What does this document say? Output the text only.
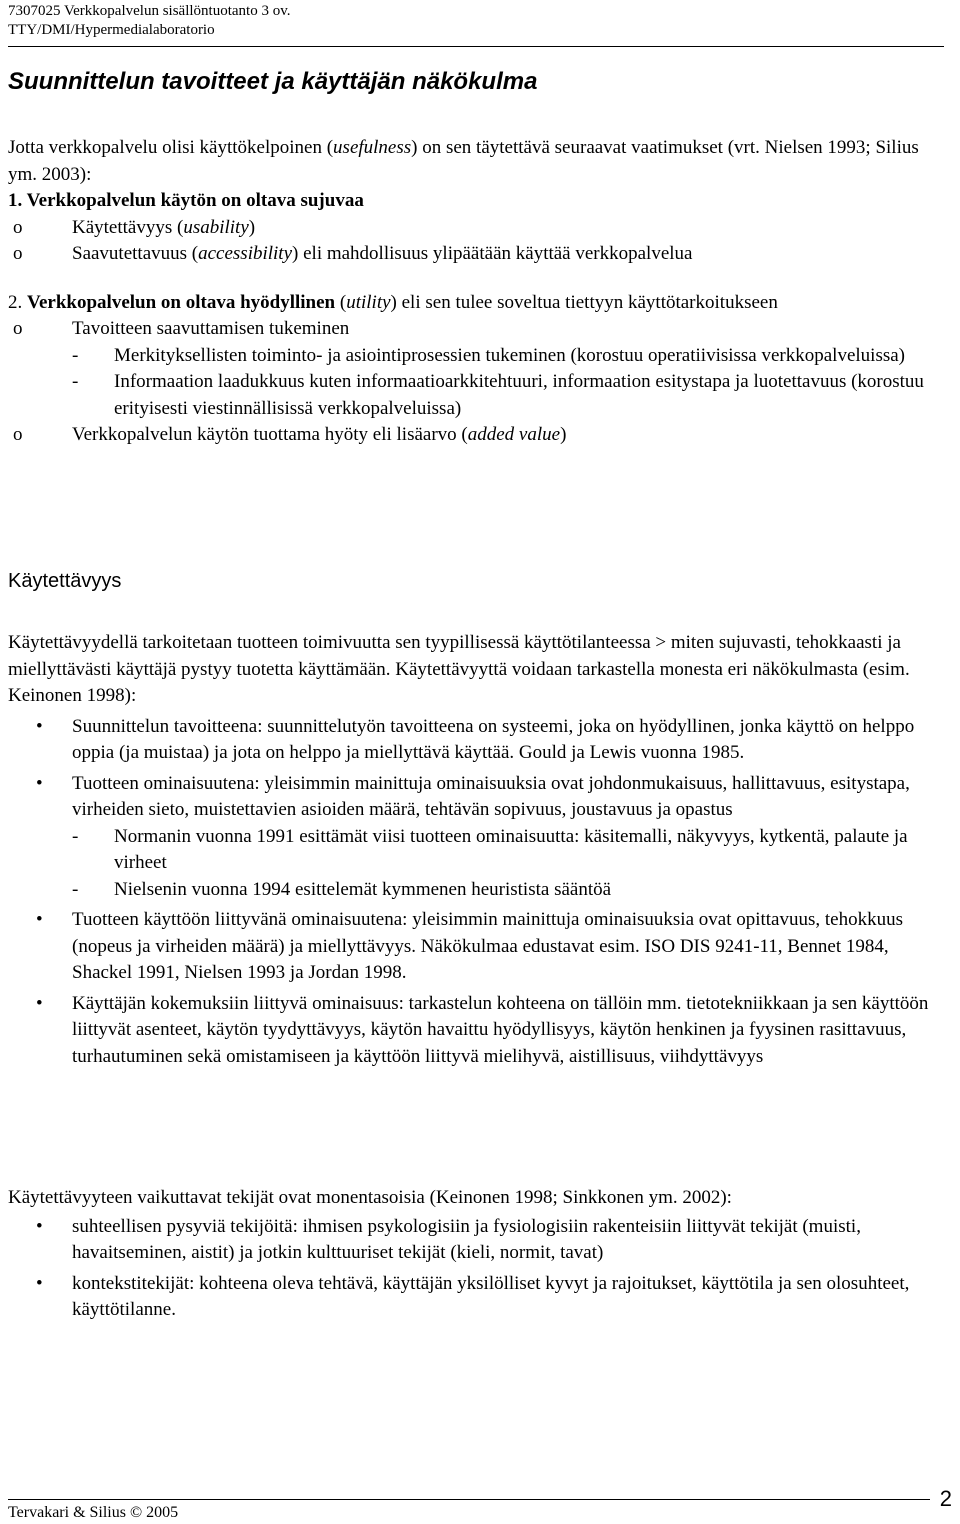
7307025 Verkkopalvelun sisällöntuotanto 3 ov.
TTY/DMI/Hypermedialaboratorio
Suunnittelun tavoitteet ja käyttäjän näkökulma

Jotta verkkopalvelu olisi käyttökelpoinen (usefulness) on sen täytettävä seuraavat vaatimukset (vrt. Nielsen 1993; Silius ym. 2003):

1. Verkkopalvelun käytön on oltava sujuvaa

o	Käytettävyys (usability)
o	Saavutettavuus (accessibility) eli mahdollisuus ylipäätään käyttää verkkopalvelua

2. Verkkopalvelun on oltava hyödyllinen (utility) eli sen tulee soveltua tiettyyn käyttötarkoitukseen

o	Tavoitteen saavuttamisen tukeminen
- Merkityksellisten toiminto- ja asiointiprosessien tukeminen (korostuu operatiivisissa verkkopalveluissa)
- Informaation laadukkuus kuten informaatioarkkitehtuuri, informaation esitystapa ja luotettavuus (korostuu erityisesti viestinnällisissä verkkopalveluissa)
o	Verkkopalvelun käytön tuottama hyöty eli lisäarvo (added value)
Käytettävyys

Käytettävyydellä tarkoitetaan tuotteen toimivuutta sen tyypillisessä käyttötilanteessa > miten sujuvasti, tehokkaasti ja miellyttävästi käyttäjä pystyy tuotetta käyttämään. Käytettävyyttä voidaan tarkastella monesta eri näkökulmasta (esim. Keinonen 1998):

• Suunnittelun tavoitteena: suunnittelutyön tavoitteena on systeemi, joka on hyödyllinen, jonka käyttö on helppo oppia (ja muistaa) ja jota on helppo ja miellyttävä käyttää. Gould ja Lewis vuonna 1985.
• Tuotteen ominaisuutena: yleisimmin mainittuja ominaisuuksia ovat johdonmukaisuus, hallittavuus, esitystapa, virheiden sieto, muistettavien asioiden määrä, tehtävän sopivuus, joustavuus ja opastus
- Normanin vuonna 1991 esittämät viisi tuotteen ominaisuutta: käsitemalli, näkyvyys, kytkentä, palaute ja virheet
- Nielsenin vuonna 1994 esittelemät kymmenen heuristista sääntöä
• Tuotteen käyttöön liittyvänä ominaisuutena: yleisimmin mainittuja ominaisuuksia ovat opittavuus, tehokkuus (nopeus ja virheiden määrä) ja miellyttävyys. Näkökulmaa edustavat esim. ISO DIS 9241-11, Bennet 1984, Shackel 1991, Nielsen 1993 ja Jordan 1998.
• Käyttäjän kokemuksiin liittyvä ominaisuus: tarkastelun kohteena on tällöin mm. tietotekniikkaan ja sen käyttöön liittyvät asenteet, käytön tyydyttävyys, käytön havaittu hyödyllisyys, käytön henkinen ja fyysinen rasittavuus, turhautuminen sekä omistamiseen ja käyttöön liittyvä mielihyvä, aistillisuus, viihdyttävyys

Käytettävyyteen vaikuttavat tekijät ovat monentasoisia (Keinonen 1998; Sinkkonen ym. 2002):

• suhteellisen pysyviä tekijöitä: ihmisen psykologisiin ja fysiologisiin rakenteisiin liittyvät tekijät (muisti, havaitseminen, aistit) ja jotkin kulttuuriset tekijät (kieli, normit, tavat)
• kontekstitekijät: kohteena oleva tehtävä, käyttäjän yksilölliset kyvyt ja rajoitukset, käyttötila ja sen olosuhteet, käyttötilanne.
Tervakari & Silius © 2005
2
